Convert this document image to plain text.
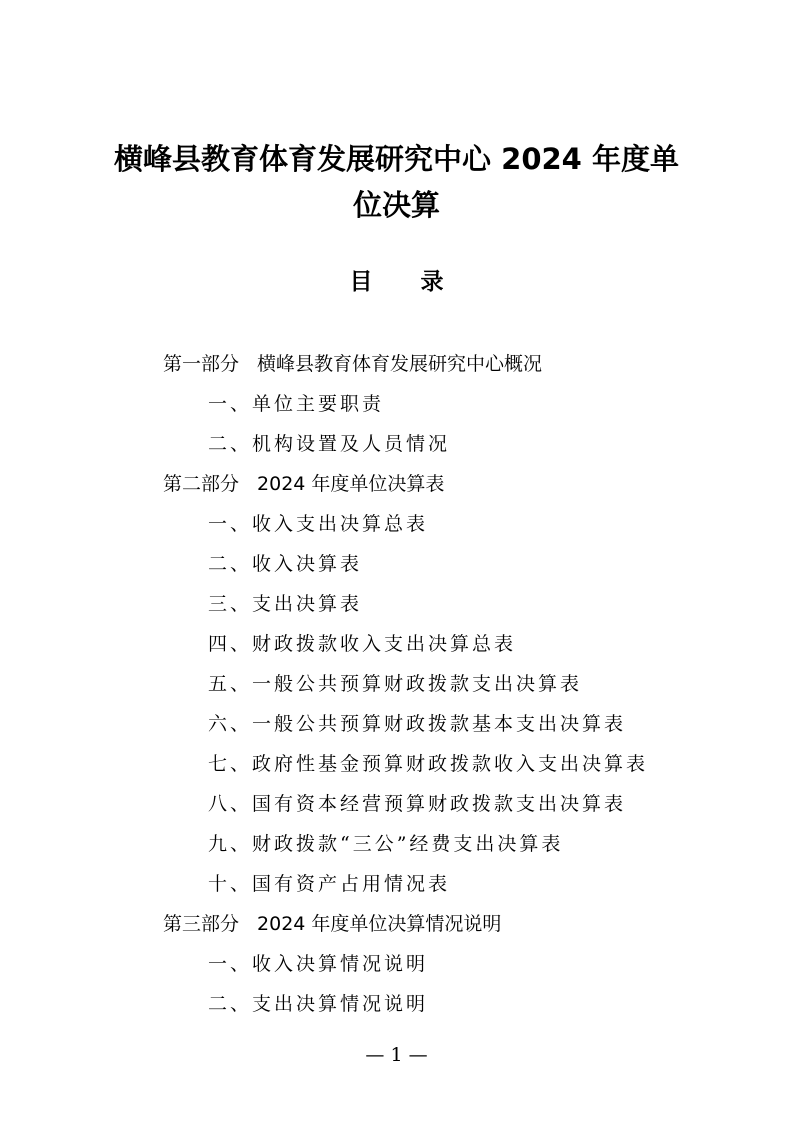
横峰县教育体育发展研究中心 2024 年度单
位决算
目 录
第一部分 横峰县教育体育发展研究中心概况
一、单位主要职责
二、机构设置及人员情况
第二部分 2024 年度单位决算表
一、收入支出决算总表
二、收入决算表
三、支出决算表
四、财政拨款收入支出决算总表
五、一般公共预算财政拨款支出决算表
六、一般公共预算财政拨款基本支出决算表
七、政府性基金预算财政拨款收入支出决算表
八、国有资本经营预算财政拨款支出决算表
九、财政拨款“三公”经费支出决算表
十、国有资产占用情况表
第三部分 2024 年度单位决算情况说明
一、收入决算情况说明
二、支出决算情况说明
— 1 —
